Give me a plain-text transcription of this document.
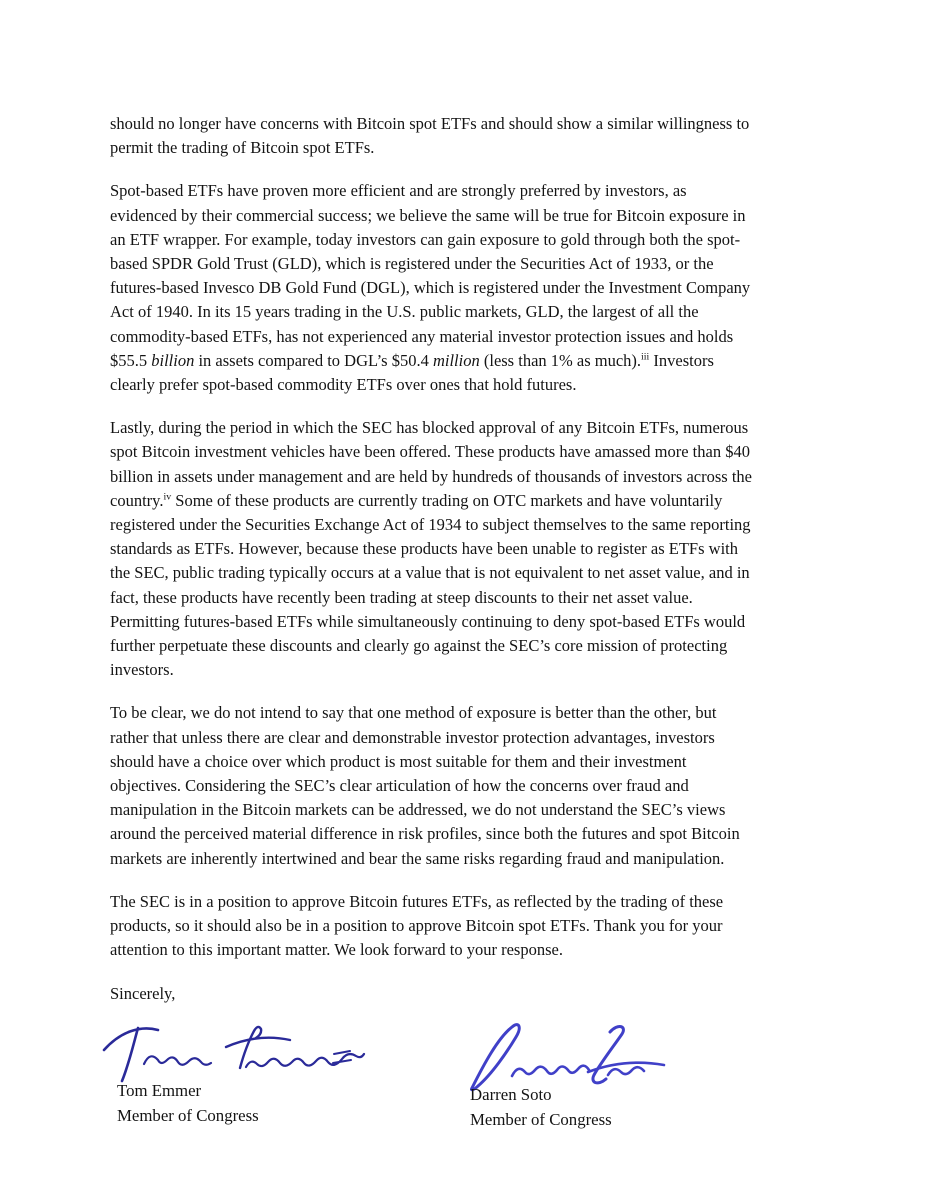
should no longer have concerns with Bitcoin spot ETFs and should show a similar willingness to
permit the trading of Bitcoin spot ETFs.

Spot-based ETFs have proven more efficient and are strongly preferred by investors, as
evidenced by their commercial success; we believe the same will be true for Bitcoin exposure in
an ETF wrapper. For example, today investors can gain exposure to gold through both the spot-
based SPDR Gold Trust (GLD), which is registered under the Securities Act of 1933, or the
futures-based Invesco DB Gold Fund (DGL), which is registered under the Investment Company
Act of 1940. In its 15 years trading in the U.S. public markets, GLD, the largest of all the
commodity-based ETFs, has not experienced any material investor protection issues and holds
$55.5 billion in assets compared to DGL’s $50.4 million (less than 1% as much).$^{iii}$ Investors
clearly prefer spot-based commodity ETFs over ones that hold futures.

Lastly, during the period in which the SEC has blocked approval of any Bitcoin ETFs, numerous
spot Bitcoin investment vehicles have been offered. These products have amassed more than $40
billion in assets under management and are held by hundreds of thousands of investors across the
country.$^{iv}$ Some of these products are currently trading on OTC markets and have voluntarily
registered under the Securities Exchange Act of 1934 to subject themselves to the same reporting
standards as ETFs. However, because these products have been unable to register as ETFs with
the SEC, public trading typically occurs at a value that is not equivalent to net asset value, and in
fact, these products have recently been trading at steep discounts to their net asset value.
Permitting futures-based ETFs while simultaneously continuing to deny spot-based ETFs would
further perpetuate these discounts and clearly go against the SEC’s core mission of protecting
investors.

To be clear, we do not intend to say that one method of exposure is better than the other, but
rather that unless there are clear and demonstrable investor protection advantages, investors
should have a choice over which product is most suitable for them and their investment
objectives. Considering the SEC’s clear articulation of how the concerns over fraud and
manipulation in the Bitcoin markets can be addressed, we do not understand the SEC’s views
around the perceived material difference in risk profiles, since both the futures and spot Bitcoin
markets are inherently intertwined and bear the same risks regarding fraud and manipulation.

The SEC is in a position to approve Bitcoin futures ETFs, as reflected by the trading of these
products, so it should also be in a position to approve Bitcoin spot ETFs. Thank you for your
attention to this important matter. We look forward to your response.

Sincerely,

Tom Emmer
Member of Congress
Darren Soto
Member of Congress
